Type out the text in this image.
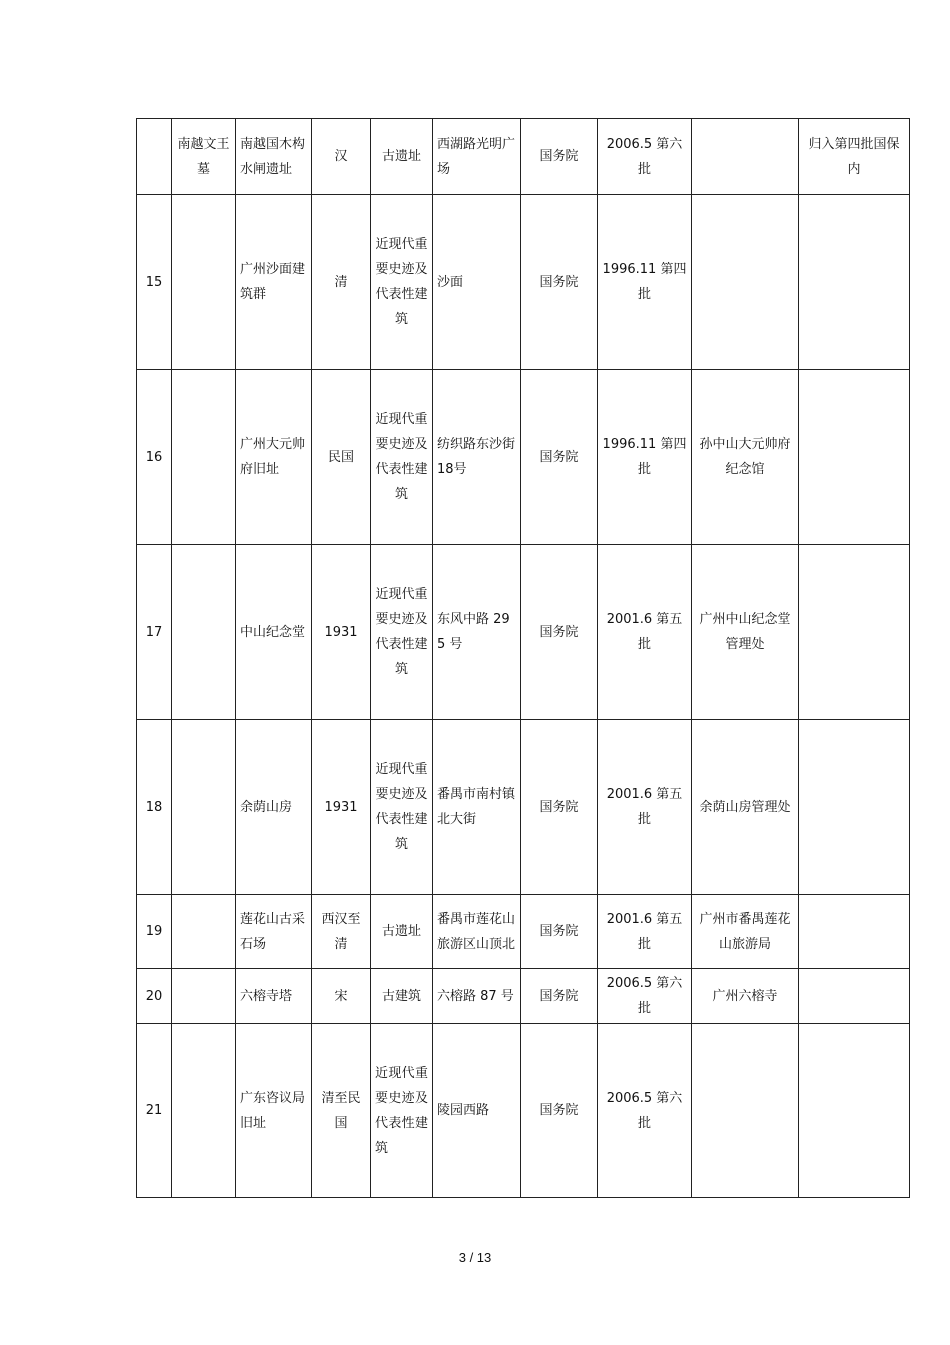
	南越文王墓	南越国木构水闸遗址	汉	古遗址	西湖路光明广场	国务院	2006.5 第六批		归入第四批国保内
15		广州沙面建筑群	清	近现代重要史迹及代表性建筑	沙面	国务院	1996.11 第四批		
16		广州大元帅府旧址	民国	近现代重要史迹及代表性建筑	纺织路东沙街18号	国务院	1996.11 第四批	孙中山大元帅府纪念馆	
17		中山纪念堂	1931	近现代重要史迹及代表性建筑	东风中路 295 号	国务院	2001.6 第五批	广州中山纪念堂管理处	
18		余荫山房	1931	近现代重要史迹及代表性建筑	番禺市南村镇北大街	国务院	2001.6 第五批	余荫山房管理处	
19		莲花山古采石场	西汉至清	古遗址	番禺市莲花山旅游区山顶北	国务院	2001.6 第五批	广州市番禺莲花山旅游局	
20		六榕寺塔	宋	古建筑	六榕路 87 号	国务院	2006.5 第六批	广州六榕寺	
21		广东咨议局旧址	清至民国	近现代重要史迹及代表性建筑	陵园西路	国务院	2006.5 第六批		
3 / 13
